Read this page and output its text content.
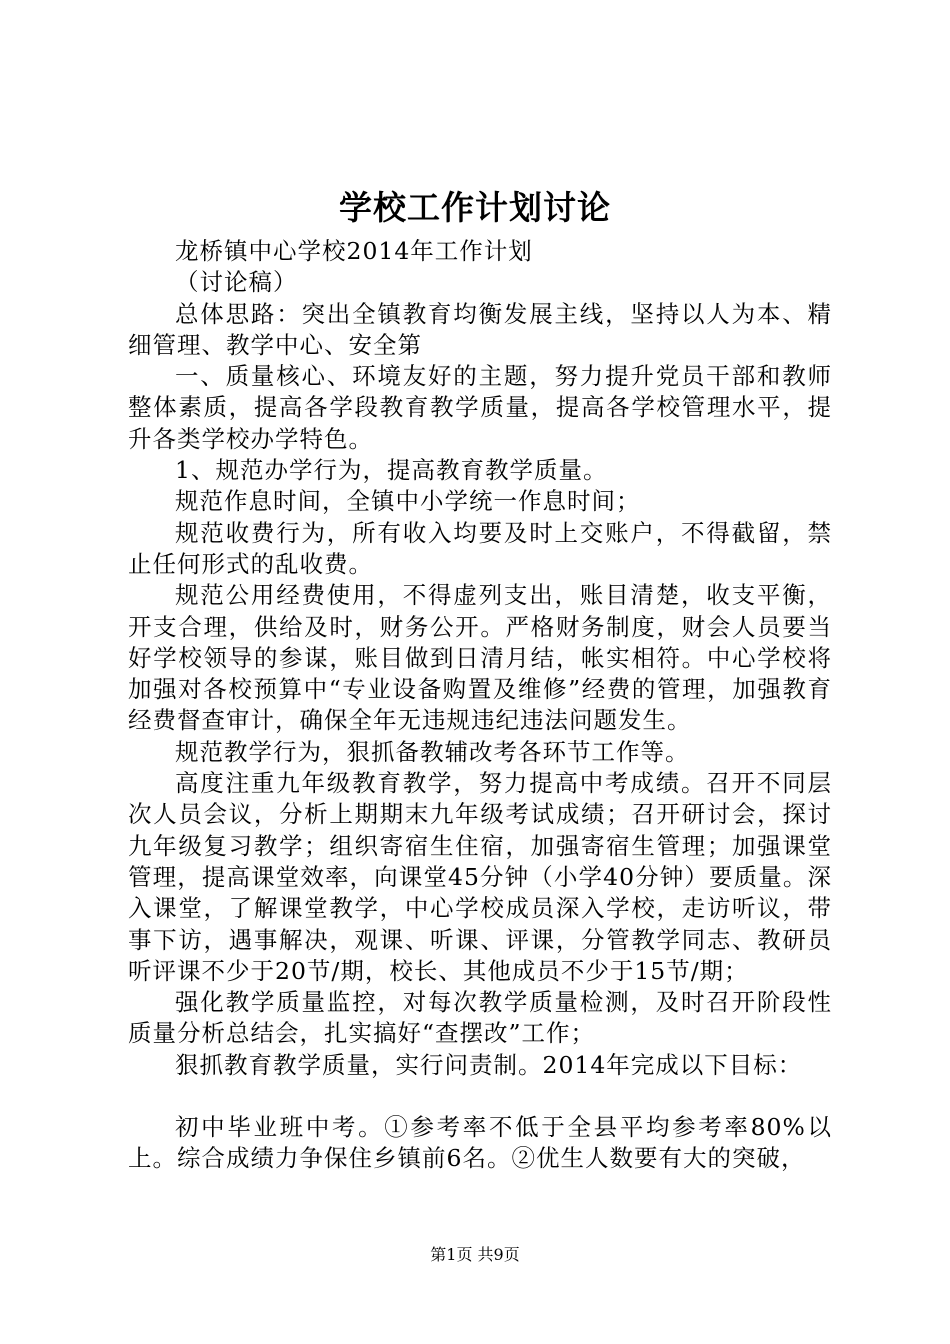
学校工作计划讨论

龙桥镇中心学校2014年工作计划

（讨论稿）

总体思路：突出全镇教育均衡发展主线，坚持以人为本、精细管理、教学中心、安全第

一、质量核心、环境友好的主题，努力提升党员干部和教师整体素质，提高各学段教育教学质量，提高各学校管理水平，提升各类学校办学特色。

1、规范办学行为，提高教育教学质量。

规范作息时间，全镇中小学统一作息时间；

规范收费行为，所有收入均要及时上交账户，不得截留，禁止任何形式的乱收费。

规范公用经费使用，不得虚列支出，账目清楚，收支平衡，开支合理，供给及时，财务公开。严格财务制度，财会人员要当好学校领导的参谋，账目做到日清月结，帐实相符。中心学校将加强对各校预算中“专业设备购置及维修”经费的管理，加强教育经费督查审计，确保全年无违规违纪违法问题发生。

规范教学行为，狠抓备教辅改考各环节工作等。

高度注重九年级教育教学，努力提高中考成绩。召开不同层次人员会议，分析上期期末九年级考试成绩；召开研讨会，探讨九年级复习教学；组织寄宿生住宿，加强寄宿生管理；加强课堂管理，提高课堂效率，向课堂45分钟（小学40分钟）要质量。深入课堂，了解课堂教学，中心学校成员深入学校，走访听议，带事下访，遇事解决，观课、听课、评课，分管教学同志、教研员听评课不少于20节/期，校长、其他成员不少于15节/期；

强化教学质量监控，对每次教学质量检测，及时召开阶段性质量分析总结会，扎实搞好“查摆改”工作；

狠抓教育教学质量，实行问责制。2014年完成以下目标：

初中毕业班中考。①参考率不低于全县平均参考率80%以上。综合成绩力争保住乡镇前6名。②优生人数要有大的突破，

第1页 共9页
